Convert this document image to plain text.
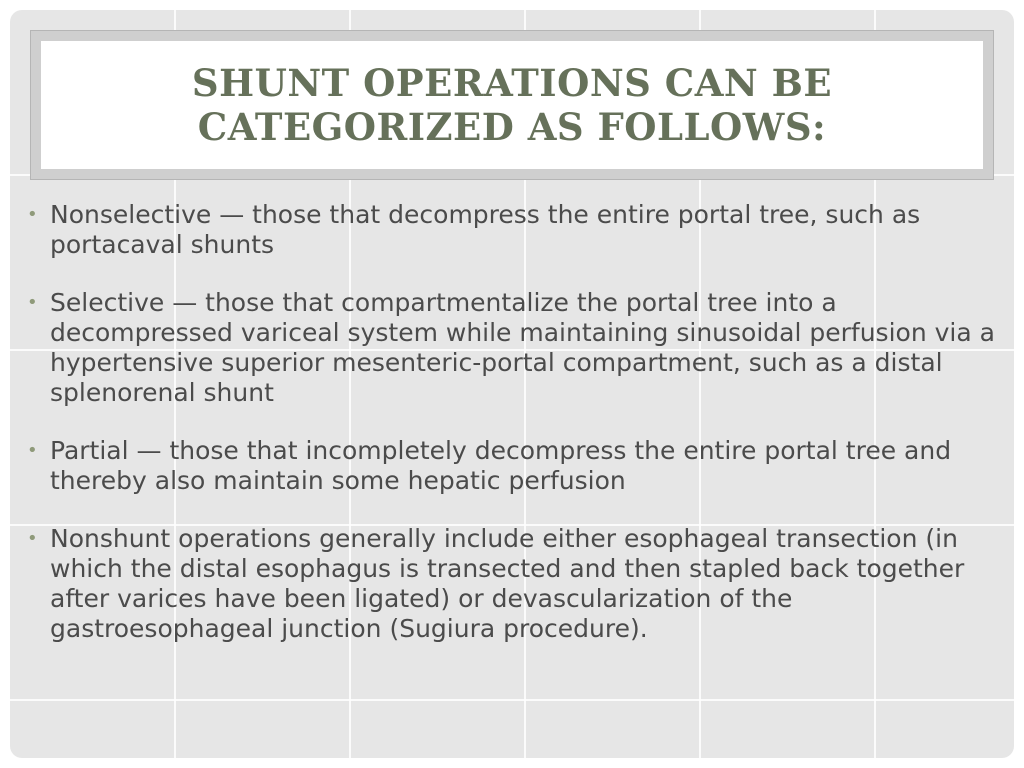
SHUNT OPERATIONS CAN BE CATEGORIZED AS FOLLOWS:
• Nonselective — those that decompress the entire portal tree, such as portacaval shunts
• Selective — those that compartmentalize the portal tree into a decompressed variceal system while maintaining sinusoidal perfusion via a hypertensive superior mesenteric-portal compartment, such as a distal splenorenal shunt
• Partial — those that incompletely decompress the entire portal tree and thereby also maintain some hepatic perfusion
• Nonshunt operations generally include either esophageal transection (in which the distal esophagus is transected and then stapled back together after varices have been ligated) or devascularization of the gastroesophageal junction (Sugiura procedure).
